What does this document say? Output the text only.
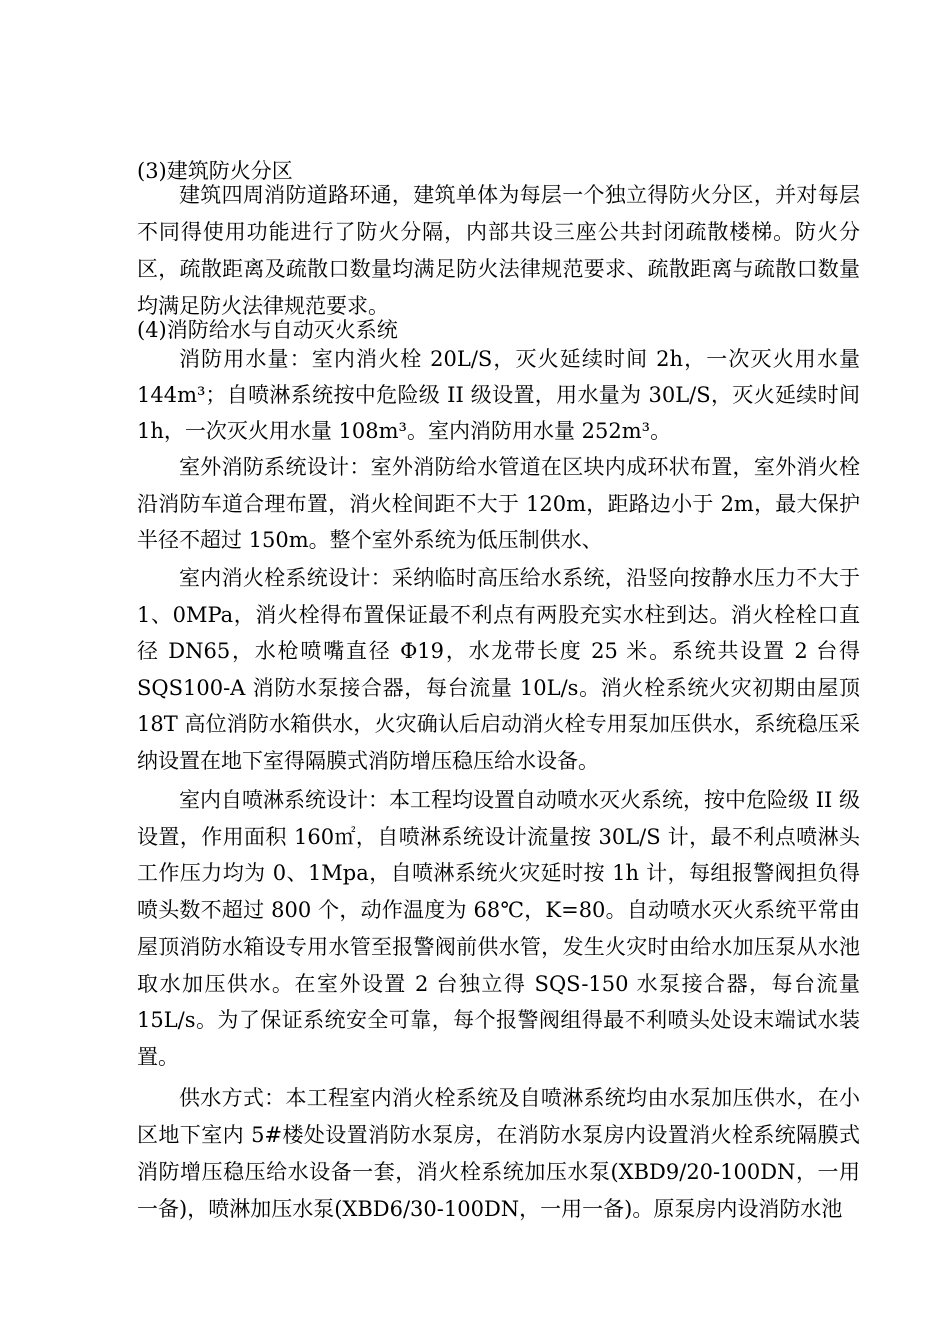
(3)建筑防火分区

建筑四周消防道路环通，建筑单体为每层一个独立得防火分区，并对每层不同得使用功能进行了防火分隔，内部共设三座公共封闭疏散楼梯。防火分区，疏散距离及疏散口数量均满足防火法律规范要求、疏散距离与疏散口数量均满足防火法律规范要求。

(4)消防给水与自动灭火系统

消防用水量：室内消火栓 20L/S，灭火延续时间 2h，一次灭火用水量 144m³；自喷淋系统按中危险级 II 级设置，用水量为 30L/S，灭火延续时间 1h，一次灭火用水量 108m³。室内消防用水量 252m³。

室外消防系统设计：室外消防给水管道在区块内成环状布置，室外消火栓沿消防车道合理布置，消火栓间距不大于 120m，距路边小于 2m，最大保护半径不超过 150m。整个室外系统为低压制供水、

室内消火栓系统设计：采纳临时高压给水系统，沿竖向按静水压力不大于 1、0MPa，消火栓得布置保证最不利点有两股充实水柱到达。消火栓栓口直径 DN65，水枪喷嘴直径 Φ19，水龙带长度 25 米。系统共设置 2 台得 SQS100-A 消防水泵接合器，每台流量 10L/s。消火栓系统火灾初期由屋顶 18T 高位消防水箱供水，火灾确认后启动消火栓专用泵加压供水，系统稳压采纳设置在地下室得隔膜式消防增压稳压给水设备。

室内自喷淋系统设计：本工程均设置自动喷水灭火系统，按中危险级 II 级设置，作用面积 160㎡，自喷淋系统设计流量按 30L/S 计，最不利点喷淋头工作压力均为 0、1Mpa，自喷淋系统火灾延时按 1h 计，每组报警阀担负得喷头数不超过 800 个，动作温度为 68℃，K=80。自动喷水灭火系统平常由屋顶消防水箱设专用水管至报警阀前供水管，发生火灾时由给水加压泵从水池取水加压供水。在室外设置 2 台独立得 SQS-150 水泵接合器，每台流量 15L/s。为了保证系统安全可靠，每个报警阀组得最不利喷头处设末端试水装置。

供水方式：本工程室内消火栓系统及自喷淋系统均由水泵加压供水，在小区地下室内 5#楼处设置消防水泵房，在消防水泵房内设置消火栓系统隔膜式消防增压稳压给水设备一套，消火栓系统加压水泵(XBD9/20-100DN，一用一备)，喷淋加压水泵(XBD6/30-100DN，一用一备)。原泵房内设消防水池
